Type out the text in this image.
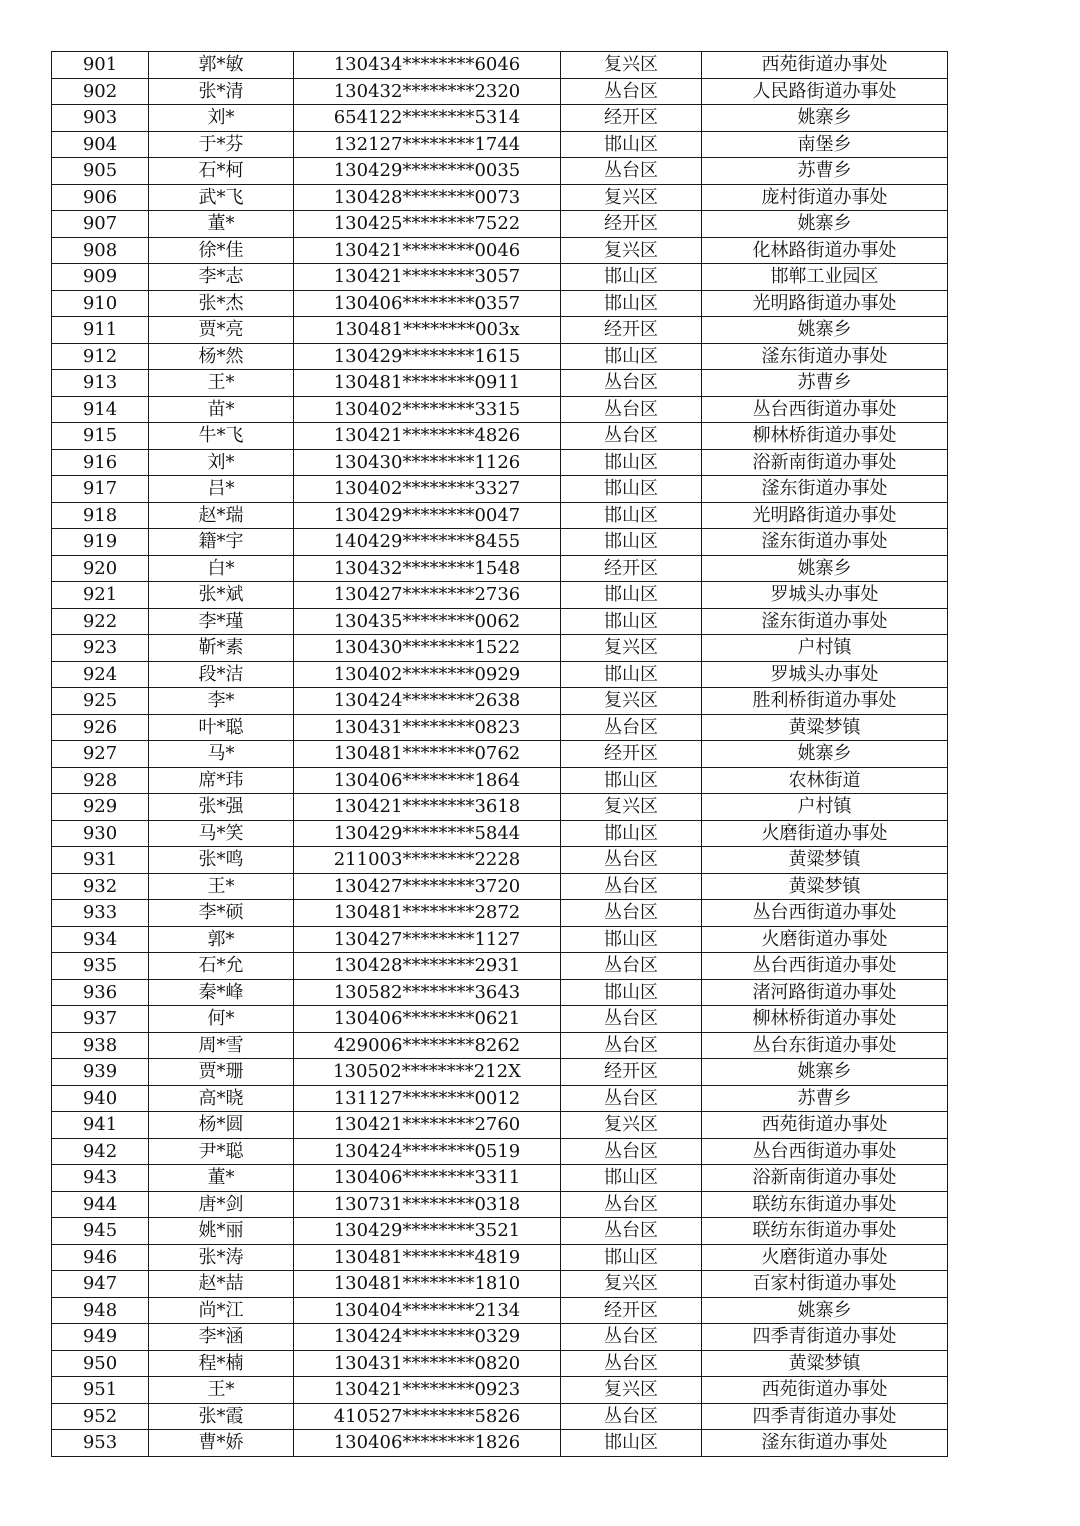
901	郭*敏	130434********6046	复兴区	西苑街道办事处
902	张*清	130432********2320	丛台区	人民路街道办事处
903	刘*	654122********5314	经开区	姚寨乡
904	于*芬	132127********1744	邯山区	南堡乡
905	石*柯	130429********0035	丛台区	苏曹乡
906	武*飞	130428********0073	复兴区	庞村街道办事处
907	董*	130425********7522	经开区	姚寨乡
908	徐*佳	130421********0046	复兴区	化林路街道办事处
909	李*志	130421********3057	邯山区	邯郸工业园区
910	张*杰	130406********0357	邯山区	光明路街道办事处
911	贾*亮	130481********003x	经开区	姚寨乡
912	杨*然	130429********1615	邯山区	滏东街道办事处
913	王*	130481********0911	丛台区	苏曹乡
914	苗*	130402********3315	丛台区	丛台西街道办事处
915	牛*飞	130421********4826	丛台区	柳林桥街道办事处
916	刘*	130430********1126	邯山区	浴新南街道办事处
917	吕*	130402********3327	邯山区	滏东街道办事处
918	赵*瑞	130429********0047	邯山区	光明路街道办事处
919	籍*宇	140429********8455	邯山区	滏东街道办事处
920	白*	130432********1548	经开区	姚寨乡
921	张*斌	130427********2736	邯山区	罗城头办事处
922	李*瑾	130435********0062	邯山区	滏东街道办事处
923	靳*素	130430********1522	复兴区	户村镇
924	段*洁	130402********0929	邯山区	罗城头办事处
925	李*	130424********2638	复兴区	胜利桥街道办事处
926	叶*聪	130431********0823	丛台区	黄粱梦镇
927	马*	130481********0762	经开区	姚寨乡
928	席*玮	130406********1864	邯山区	农林街道
929	张*强	130421********3618	复兴区	户村镇
930	马*笑	130429********5844	邯山区	火磨街道办事处
931	张*鸣	211003********2228	丛台区	黄粱梦镇
932	王*	130427********3720	丛台区	黄粱梦镇
933	李*硕	130481********2872	丛台区	丛台西街道办事处
934	郭*	130427********1127	邯山区	火磨街道办事处
935	石*允	130428********2931	丛台区	丛台西街道办事处
936	秦*峰	130582********3643	邯山区	渚河路街道办事处
937	何*	130406********0621	丛台区	柳林桥街道办事处
938	周*雪	429006********8262	丛台区	丛台东街道办事处
939	贾*珊	130502********212X	经开区	姚寨乡
940	高*晓	131127********0012	丛台区	苏曹乡
941	杨*圆	130421********2760	复兴区	西苑街道办事处
942	尹*聪	130424********0519	丛台区	丛台西街道办事处
943	董*	130406********3311	邯山区	浴新南街道办事处
944	唐*剑	130731********0318	丛台区	联纺东街道办事处
945	姚*丽	130429********3521	丛台区	联纺东街道办事处
946	张*涛	130481********4819	邯山区	火磨街道办事处
947	赵*喆	130481********1810	复兴区	百家村街道办事处
948	尚*江	130404********2134	经开区	姚寨乡
949	李*涵	130424********0329	丛台区	四季青街道办事处
950	程*楠	130431********0820	丛台区	黄粱梦镇
951	王*	130421********0923	复兴区	西苑街道办事处
952	张*霞	410527********5826	丛台区	四季青街道办事处
953	曹*娇	130406********1826	邯山区	滏东街道办事处
